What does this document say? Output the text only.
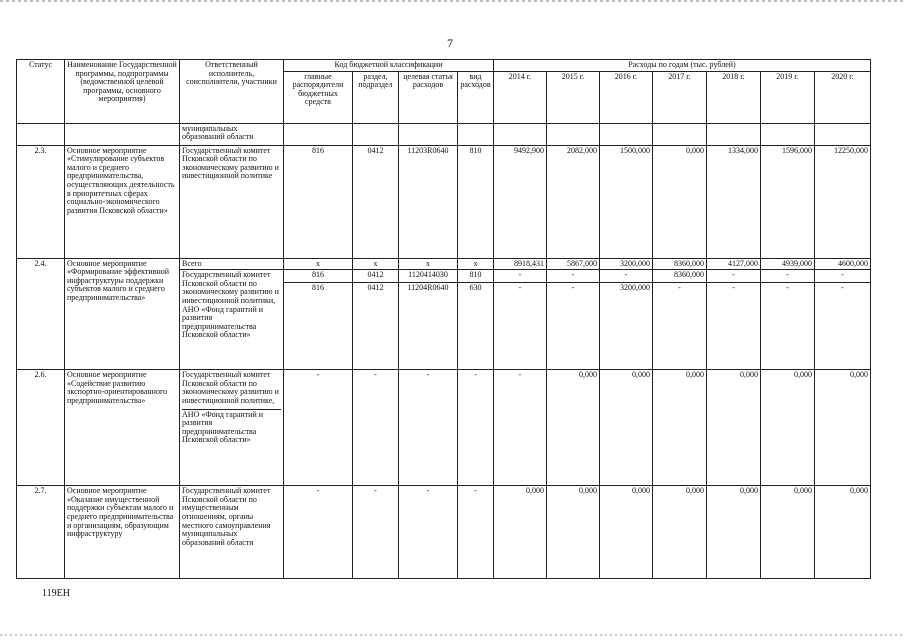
7
Статус	Наименование Государственной программы, подпрограммы (ведомственной целевой программы, основного мероприятия)	Ответственный исполнитель, соисполнители, участники	Код бюджетной классификации				Расходы по годам (тыс. рублей)						
			главные распорядители бюджетных средств	раздел, подраздел	целевая статья расходов	вид расходов	2014 г.	2015 г.	2016 г.	2017 г.	2018 г.	2019 г.	2020 г.
		муниципальных образований области											
2.3.	Основное мероприятие «Стимулирование субъектов малого и среднего предпринимательства, осуществляющих деятельность в приоритетных сферах социально-экономического развития Псковской области»	Государственный комитет Псковской области по экономическому развитию и инвестиционной политике	816	0412	11203R0640	810	9492,900	2082,000	1500,000	0,000	1334,000	1596,000	12250,000
2.4.	Основное мероприятие «Формирование эффективной инфраструктуры поддержки субъектов малого и среднего предпринимательства»	Всего	х	х	х	х	8918,431	5867,000	3200,000	8360,000	4127,000	4939,000	4600,000
		Государственный комитет Псковской области по экономическому развитию и инвестиционной политики, АНО «Фонд гарантий и развития предпринимательства Псковской области»	816	0412	1120414030	810	-	-	-	8360,000	-	-	-
			816	0412	11204R0640	630	-	-	3200,000	-	-	-	-

2.6.	Основное мероприятие «Содействие развитию экспортно-ориентированного предпринимательства»	Государственный комитет Псковской области по экономическому развитию и инвестиционной политике,
АНО «Фонд гарантий и развития предпринимательства Псковской области»	-	-	-	-	-	0,000	0,000	0,000	0,000	0,000	0,000
2.7.	Основное мероприятие «Оказание имущественной поддержки субъектам малого и среднего предпринимательства и организациям, образующим инфраструктуру	Государственный комитет Псковской области по имущественным отношениям, органы местного самоуправления муниципальных образований области	-	-	-	-	0,000	0,000	0,000	0,000	0,000	0,000	0,000
119ЕН
